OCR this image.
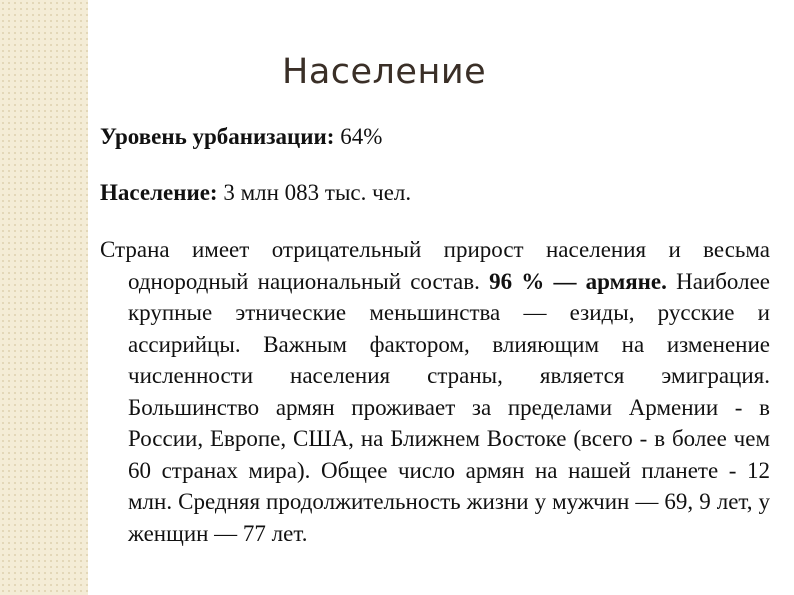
Население

Уровень урбанизации: 64%

Население: 3 млн 083 тыс. чел.

Страна имеет отрицательный прирост населения и весьма однородный национальный состав. 96 % — армяне. Наиболее крупные этнические меньшинства — езиды, русские и ассирийцы. Важным фактором, влияющим на изменение численности населения страны, является эмиграция. Большинство армян проживает за пределами Армении - в России, Европе, США, на Ближнем Востоке (всего - в более чем 60 странах мира). Общее число армян на нашей планете - 12 млн. Средняя продолжительность жизни у мужчин — 69, 9 лет, у женщин — 77 лет.
